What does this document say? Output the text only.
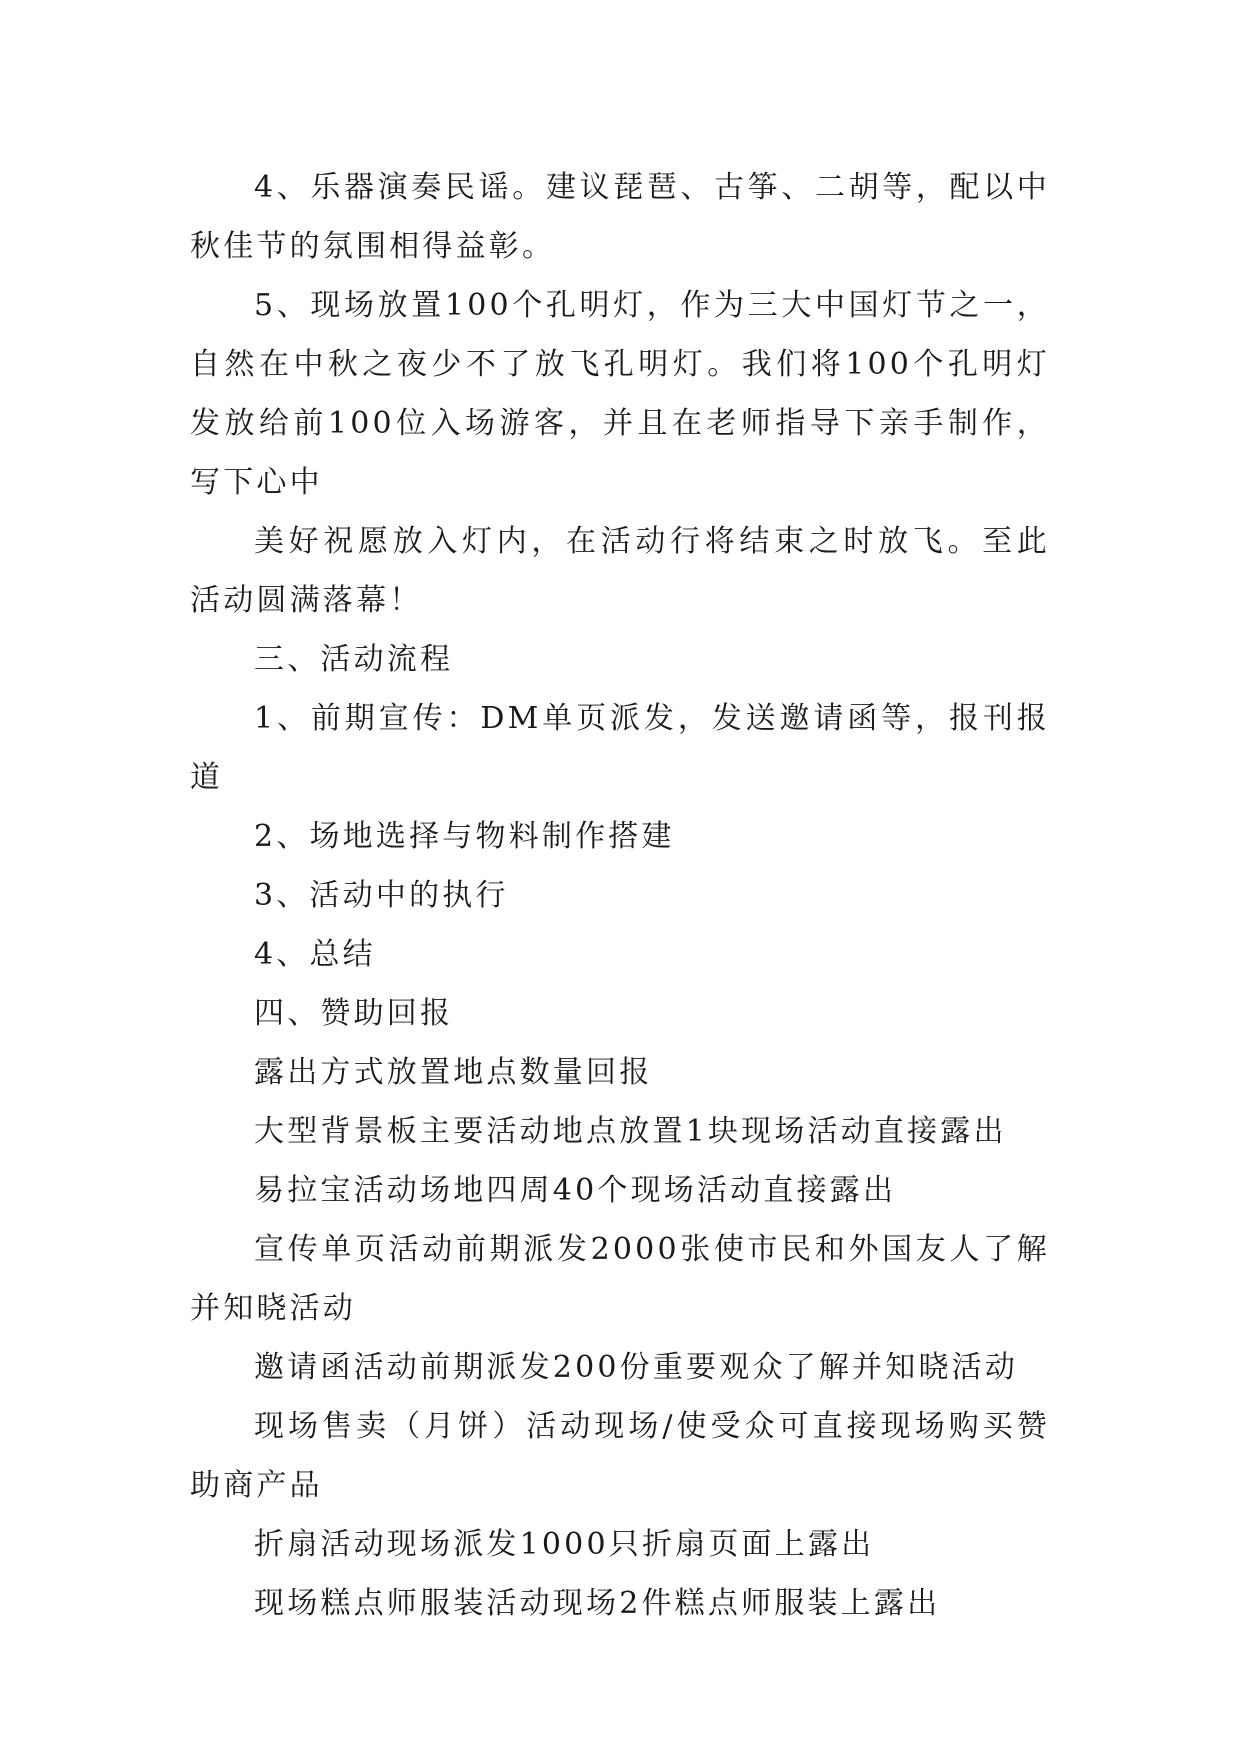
4、乐器演奏民谣。建议琵琶、古筝、二胡等，配以中秋佳节的氛围相得益彰。

5、现场放置100个孔明灯，作为三大中国灯节之一，自然在中秋之夜少不了放飞孔明灯。我们将100个孔明灯发放给前100位入场游客，并且在老师指导下亲手制作，写下心中

美好祝愿放入灯内，在活动行将结束之时放飞。至此活动圆满落幕！

三、活动流程

1、前期宣传：DM单页派发，发送邀请函等，报刊报道

2、场地选择与物料制作搭建

3、活动中的执行

4、总结

四、赞助回报

露出方式放置地点数量回报

大型背景板主要活动地点放置1块现场活动直接露出

易拉宝活动场地四周40个现场活动直接露出

宣传单页活动前期派发2000张使市民和外国友人了解并知晓活动

邀请函活动前期派发200份重要观众了解并知晓活动

现场售卖（月饼）活动现场/使受众可直接现场购买赞助商产品

折扇活动现场派发1000只折扇页面上露出

现场糕点师服装活动现场2件糕点师服装上露出
